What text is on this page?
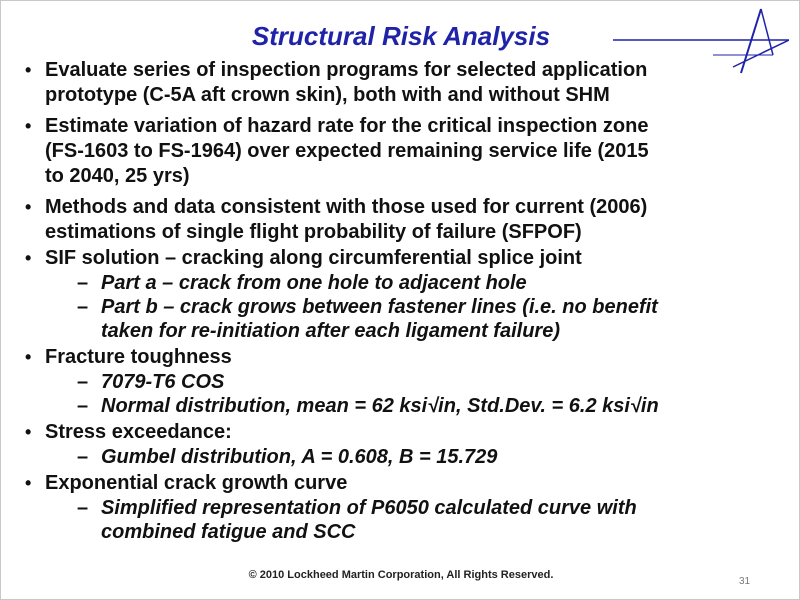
Structural Risk Analysis
• Evaluate series of inspection programs for selected application
prototype (C-5A aft crown skin), both with and without SHM
• Estimate variation of hazard rate for the critical inspection zone
(FS-1603 to FS-1964) over expected remaining service life (2015
to 2040, 25 yrs)
• Methods and data consistent with those used for current (2006)
estimations of single flight probability of failure (SFPOF)
• SIF solution – cracking along circumferential splice joint
– Part a – crack from one hole to adjacent hole
– Part b – crack grows between fastener lines (i.e. no benefit
taken for re-initiation after each ligament failure)
• Fracture toughness
– 7079-T6 COS
– Normal distribution, mean = 62 ksi√in, Std.Dev. = 6.2 ksi√in
• Stress exceedance:
– Gumbel distribution, A = 0.608, B = 15.729
• Exponential crack growth curve
– Simplified representation of P6050 calculated curve with
combined fatigue and SCC
© 2010 Lockheed Martin Corporation, All Rights Reserved.
31
